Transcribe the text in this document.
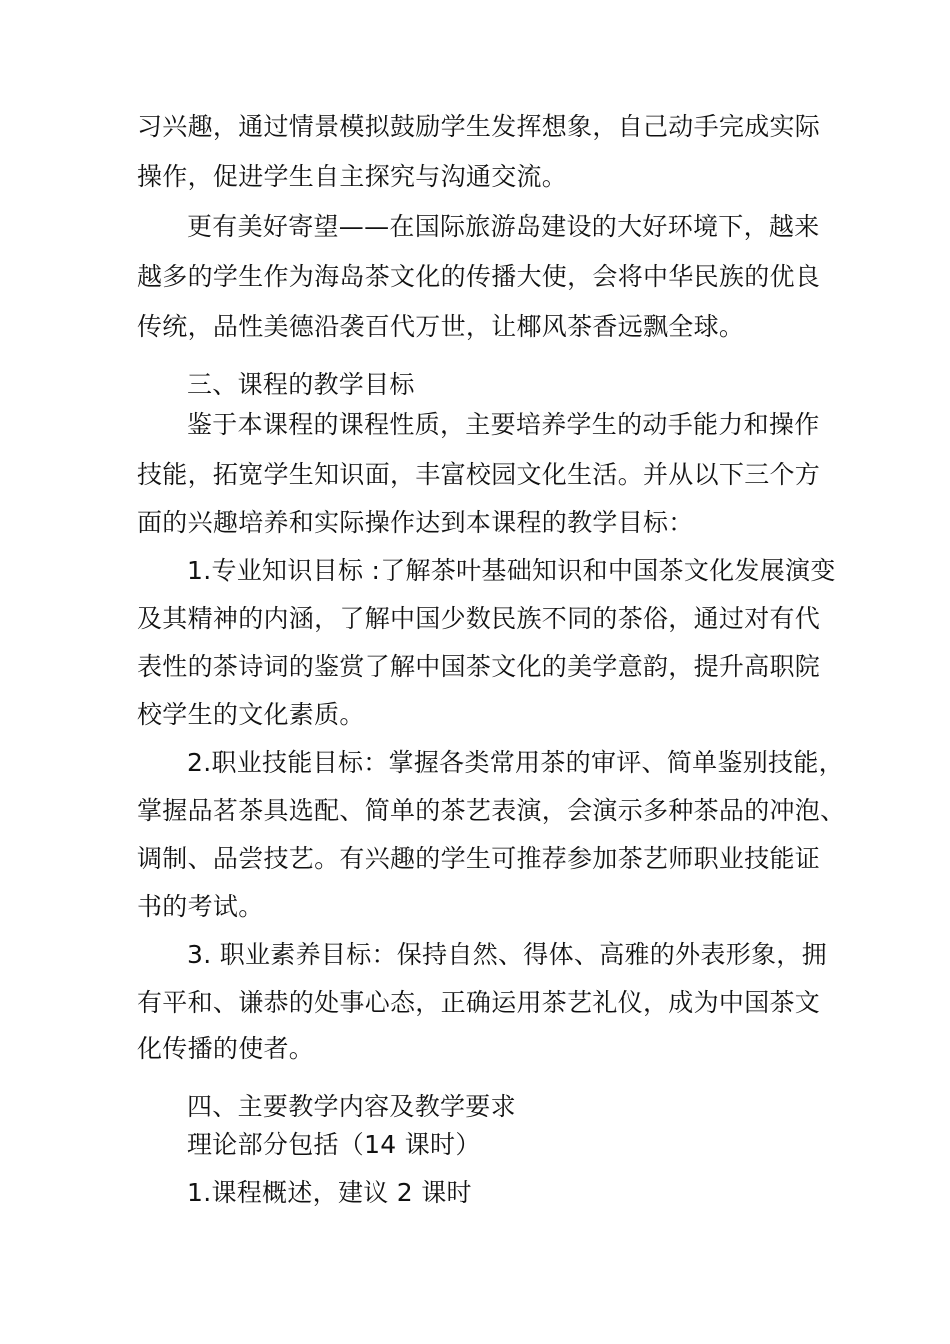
习兴趣，通过情景模拟鼓励学生发挥想象，自己动手完成实际
操作，促进学生自主探究与沟通交流。
更有美好寄望——在国际旅游岛建设的大好环境下，越来
越多的学生作为海岛茶文化的传播大使，会将中华民族的优良
传统，品性美德沿袭百代万世，让椰风茶香远飘全球。
三、课程的教学目标
鉴于本课程的课程性质，主要培养学生的动手能力和操作
技能，拓宽学生知识面，丰富校园文化生活。并从以下三个方
面的兴趣培养和实际操作达到本课程的教学目标：
1.专业知识目标 :了解茶叶基础知识和中国茶文化发展演变
及其精神的内涵，了解中国少数民族不同的茶俗，通过对有代
表性的茶诗词的鉴赏了解中国茶文化的美学意韵，提升高职院
校学生的文化素质。
2.职业技能目标：掌握各类常用茶的审评、简单鉴别技能，
掌握品茗茶具选配、简单的茶艺表演，会演示多种茶品的冲泡、
调制、品尝技艺。有兴趣的学生可推荐参加茶艺师职业技能证
书的考试。
3. 职业素养目标：保持自然、得体、高雅的外表形象，拥
有平和、谦恭的处事心态，正确运用茶艺礼仪，成为中国茶文
化传播的使者。
四、主要教学内容及教学要求
理论部分包括（14 课时）
1.课程概述，建议 2 课时
